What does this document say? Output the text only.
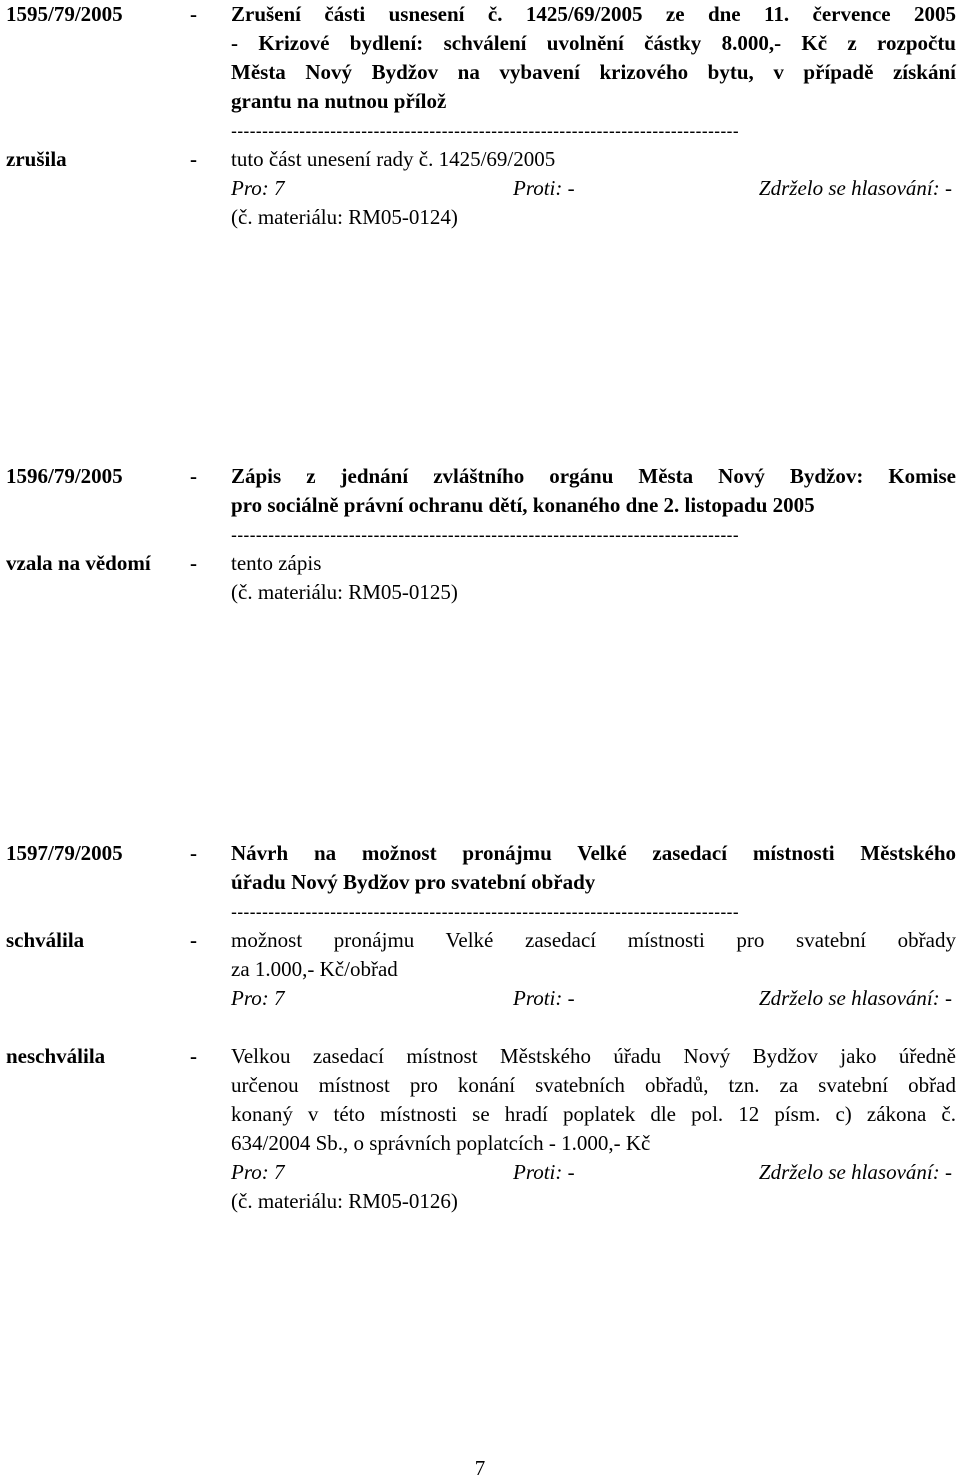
1595/79/2005	- Zrušení části usnesení č. 1425/69/2005 ze dne 11. července 2005
- Krizové bydlení: schválení uvolnění částky 8.000,- Kč z rozpočtu
Města Nový Bydžov na vybavení krizového bytu, v případě získání
grantu na nutnou přílož
----------------------------------------------------------------------------------
zrušila	- tuto část unesení rady č. 1425/69/2005
Pro: 7	Proti: -	Zdrželo se hlasování: -
(č. materiálu: RM05-0124)
1596/79/2005	- Zápis z jednání zvláštního orgánu Města Nový Bydžov: Komise
pro sociálně právní ochranu dětí, konaného dne 2. listopadu 2005
----------------------------------------------------------------------------------
vzala na vědomí - tento zápis
(č. materiálu: RM05-0125)
1597/79/2005	- Návrh na možnost pronájmu Velké zasedací místnosti Městského
úřadu Nový Bydžov pro svatební obřady
----------------------------------------------------------------------------------
schválila	- možnost pronájmu Velké zasedací místnosti pro svatební obřady
za 1.000,- Kč/obřad
Pro: 7	Proti: -	Zdrželo se hlasování: -
neschválila	- Velkou zasedací místnost Městského úřadu Nový Bydžov jako úředně
určenou místnost pro konání svatebních obřadů, tzn. za svatební obřad
konaný v této místnosti se hradí poplatek dle pol. 12 písm. c) zákona č.
634/2004 Sb., o správních poplatcích - 1.000,- Kč
Pro: 7	Proti: -	Zdrželo se hlasování: -
(č. materiálu: RM05-0126)
7
